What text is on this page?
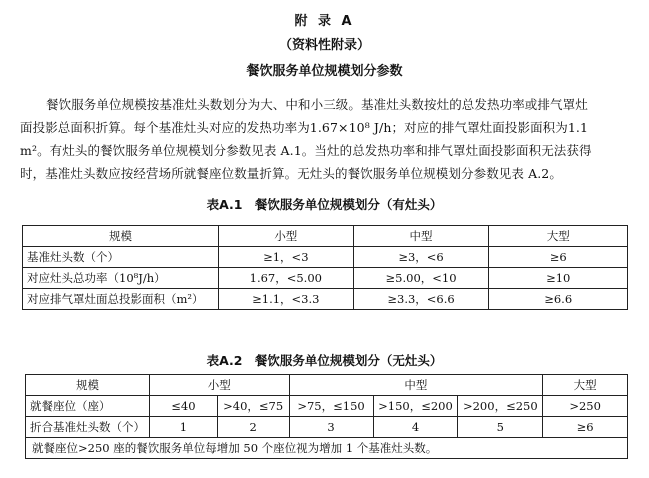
附 录 A
（资料性附录）
餐饮服务单位规模划分参数
餐饮服务单位规模按基准灶头数划分为大、中和小三级。基准灶头数按灶的总发热功率或排气罩灶
面投影总面积折算。每个基准灶头对应的发热功率为1.67×10⁸ J/h；对应的排气罩灶面投影面积为1.1
m²。有灶头的餐饮服务单位规模划分参数见表 A.1。当灶的总发热功率和排气罩灶面投影面积无法获得
时，基准灶头数应按经营场所就餐座位数量折算。无灶头的餐饮服务单位规模划分参数见表 A.2。
表A.1　餐饮服务单位规模划分（有灶头）
规模	小型	中型	大型
基准灶头数（个）	≥1，<3	≥3，<6	≥6
对应灶头总功率（10⁸J/h）	1.67，<5.00	≥5.00，<10	≥10
对应排气罩灶面总投影面积（m²）	≥1.1，<3.3	≥3.3，<6.6	≥6.6
表A.2　餐饮服务单位规模划分（无灶头）
规模	小型		中型			大型
就餐座位（座）	≤40	>40，≤75	>75，≤150	>150，≤200	>200，≤250	>250
折合基准灶头数（个）	1	2	3	4	5	≥6
就餐座位>250 座的餐饮服务单位每增加 50 个座位视为增加 1 个基准灶头数。						
